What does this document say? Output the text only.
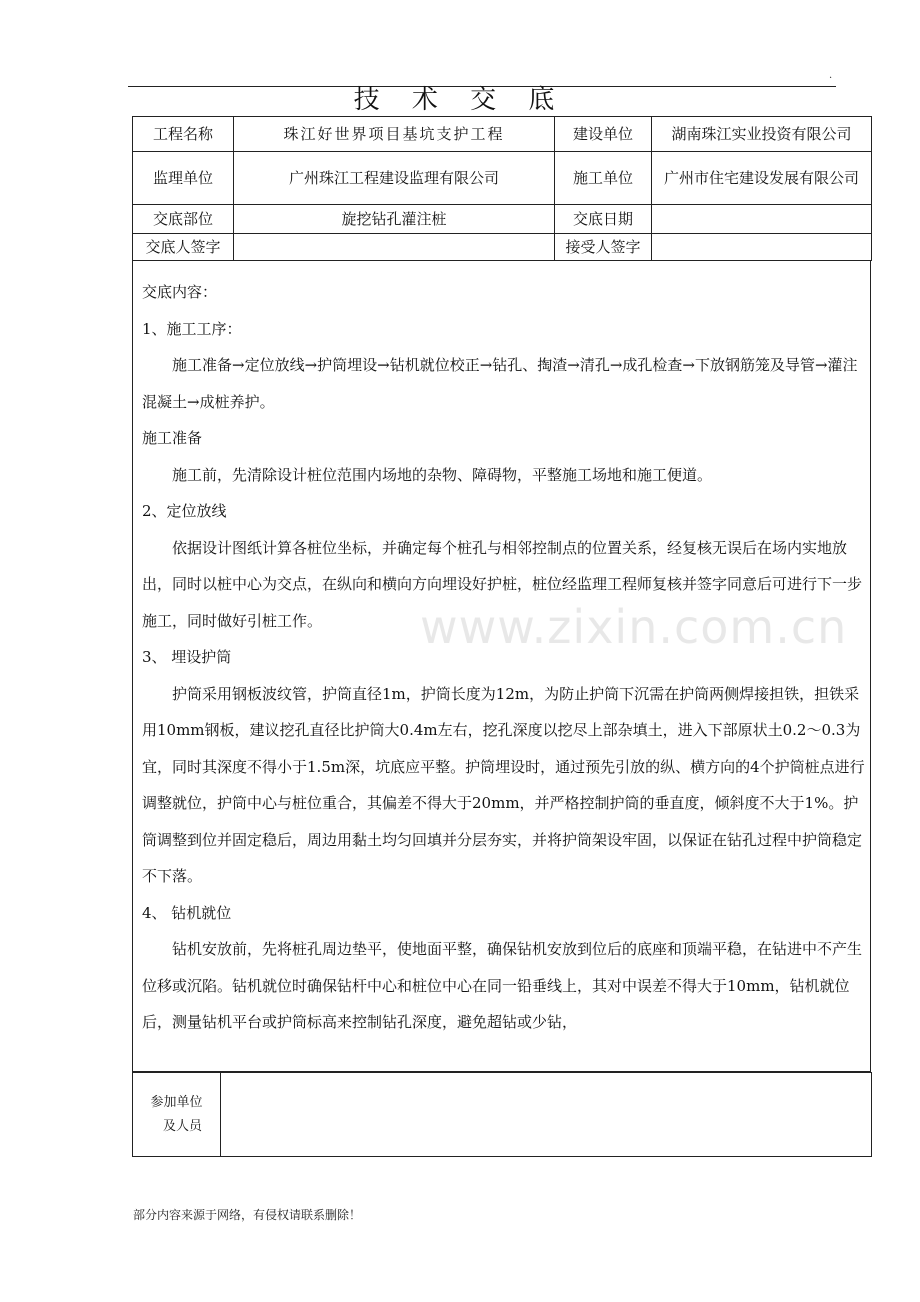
.
技 术 交 底
工程名称	珠江好世界项目基坑支护工程	建设单位	湖南珠江实业投资有限公司
监理单位	广州珠江工程建设监理有限公司	施工单位	广州市住宅建设发展有限公司
交底部位	旋挖钻孔灌注桩	交底日期	
交底人签字		接受人签字	

交底内容：

1、施工工序：

施工准备→定位放线→护筒埋设→钻机就位校正→钻孔、掏渣→清孔→成孔检查→下放钢筋笼及导管→灌注混凝土→成桩养护。

施工准备

施工前，先清除设计桩位范围内场地的杂物、障碍物，平整施工场地和施工便道。

2、定位放线

依据设计图纸计算各桩位坐标，并确定每个桩孔与相邻控制点的位置关系，经复核无误后在场内实地放出，同时以桩中心为交点，在纵向和横向方向埋设好护桩，桩位经监理工程师复核并签字同意后可进行下一步施工，同时做好引桩工作。

3、 埋设护筒

护筒采用钢板波纹管，护筒直径1m，护筒长度为12m，为防止护筒下沉需在护筒两侧焊接担铁，担铁采用10mm钢板，建议挖孔直径比护筒大0.4m左右，挖孔深度以挖尽上部杂填土，进入下部原状土0.2～0.3为宜，同时其深度不得小于1.5m深，坑底应平整。护筒埋设时，通过预先引放的纵、横方向的4个护筒桩点进行调整就位，护筒中心与桩位重合，其偏差不得大于20mm，并严格控制护筒的垂直度，倾斜度不大于1%。护筒调整到位并固定稳后，周边用黏土均匀回填并分层夯实，并将护筒架设牢固，以保证在钻孔过程中护筒稳定不下落。

4、 钻机就位

钻机安放前，先将桩孔周边垫平，使地面平整，确保钻机安放到位后的底座和顶端平稳，在钻进中不产生位移或沉陷。钻机就位时确保钻杆中心和桩位中心在同一铅垂线上，其对中误差不得大于10mm，钻机就位后，测量钻机平台或护筒标高来控制钻孔深度，避免超钻或少钻，

www.zixin.com.cn
参加单位
及人员

部分内容来源于网络，有侵权请联系删除！
